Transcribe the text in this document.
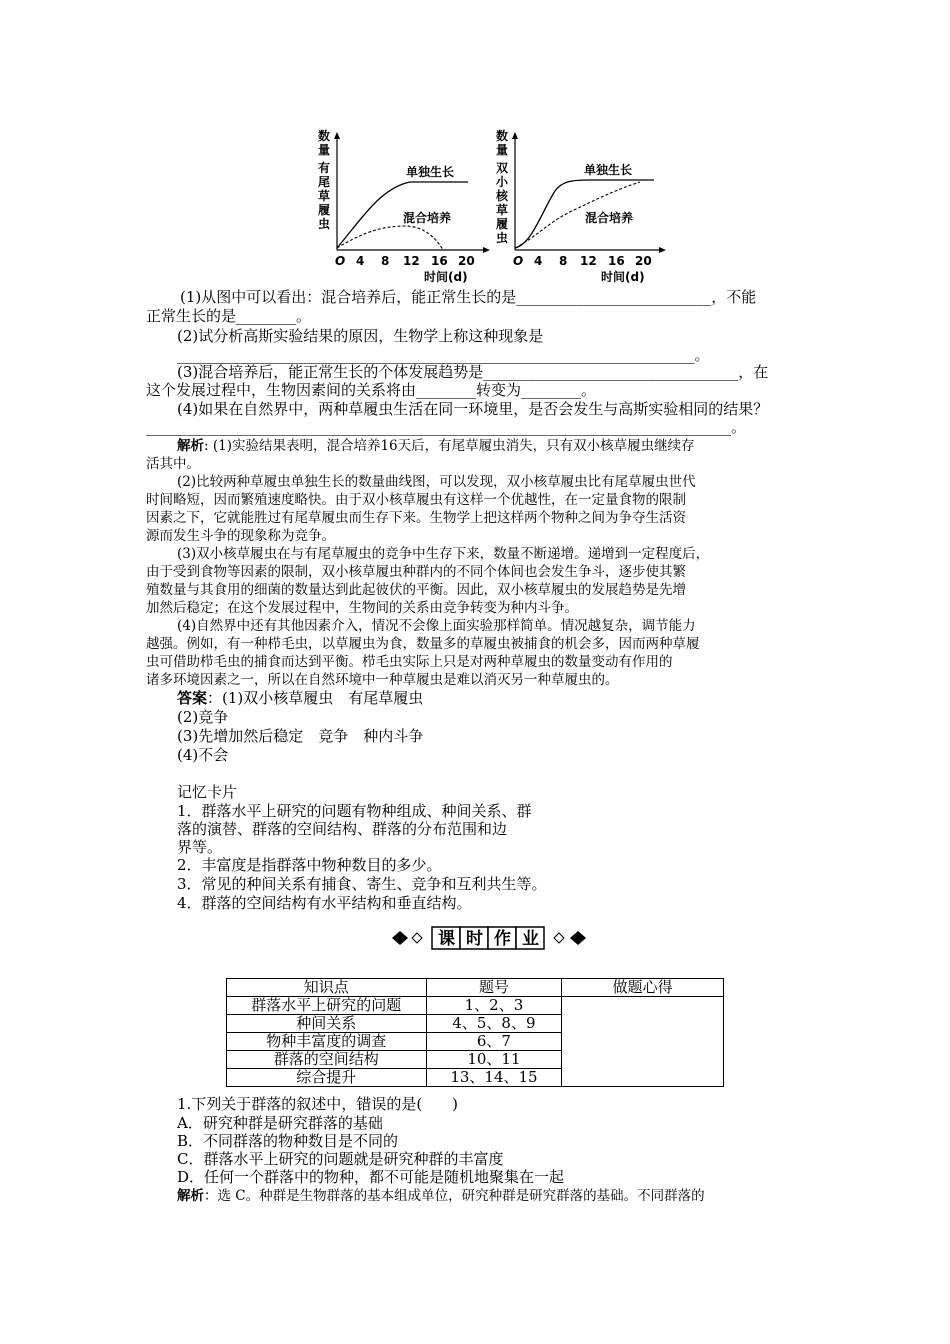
数
量
有
尾
草
履
虫
单独生长
混合培养
O 4 8 12 16 20
时间(d)
数
量
双
小
核
草
履
虫
单独生长
混合培养
O 4 8 12 16 20
时间(d)
(1)从图中可以看出：混合培养后，能正常生长的是__________________________，不能
正常生长的是________。
(2)试分析高斯实验结果的原因，生物学上称这种现象是
_____________________________________________________________________。
(3)混合培养后，能正常生长的个体发展趋势是__________________________________，在
这个发展过程中，生物因素间的关系将由________转变为________。
(4)如果在自然界中，两种草履虫生活在同一环境里，是否会发生与高斯实验相同的结果？
______________________________________________________________________________。
解析: (1)实验结果表明，混合培养16天后，有尾草履虫消失，只有双小核草履虫继续存
活其中。
(2)比较两种草履虫单独生长的数量曲线图，可以发现，双小核草履虫比有尾草履虫世代
时间略短，因而繁殖速度略快。由于双小核草履虫有这样一个优越性，在一定量食物的限制
因素之下，它就能胜过有尾草履虫而生存下来。生物学上把这样两个物种之间为争夺生活资
源而发生斗争的现象称为竞争。
(3)双小核草履虫在与有尾草履虫的竞争中生存下来，数量不断递增。递增到一定程度后，
由于受到食物等因素的限制，双小核草履虫种群内的不同个体间也会发生争斗，逐步使其繁
殖数量与其食用的细菌的数量达到此起彼伏的平衡。因此，双小核草履虫的发展趋势是先增
加然后稳定；在这个发展过程中，生物间的关系由竞争转变为种内斗争。
(4)自然界中还有其他因素介入，情况不会像上面实验那样简单。情况越复杂，调节能力
越强。例如，有一种栉毛虫，以草履虫为食，数量多的草履虫被捕食的机会多，因而两种草履
虫可借助栉毛虫的捕食而达到平衡。栉毛虫实际上只是对两种草履虫的数量变动有作用的
诸多环境因素之一，所以在自然环境中一种草履虫是难以消灭另一种草履虫的。
答案：(1)双小核草履虫　有尾草履虫
(2)竞争
(3)先增加然后稳定　竞争　种内斗争
(4)不会
记忆卡片
1．群落水平上研究的问题有物种组成、种间关系、群
落的演替、群落的空间结构、群落的分布范围和边
界等。
2．丰富度是指群落中物种数目的多少。
3．常见的种间关系有捕食、寄生、竞争和互利共生等。
4．群落的空间结构有水平结构和垂直结构。
课 时 作 业
知识点	题号	做题心得
群落水平上研究的问题	1、2、3	
种间关系	4、5、8、9	
物种丰富度的调查	6、7	
群落的空间结构	10、11	
综合提升	13、14、15	
1.下列关于群落的叙述中，错误的是(　　)
A．研究种群是研究群落的基础
B．不同群落的物种数目是不同的
C．群落水平上研究的问题就是研究种群的丰富度
D．任何一个群落中的物种，都不可能是随机地聚集在一起
解析：选 C。种群是生物群落的基本组成单位，研究种群是研究群落的基础。不同群落的
